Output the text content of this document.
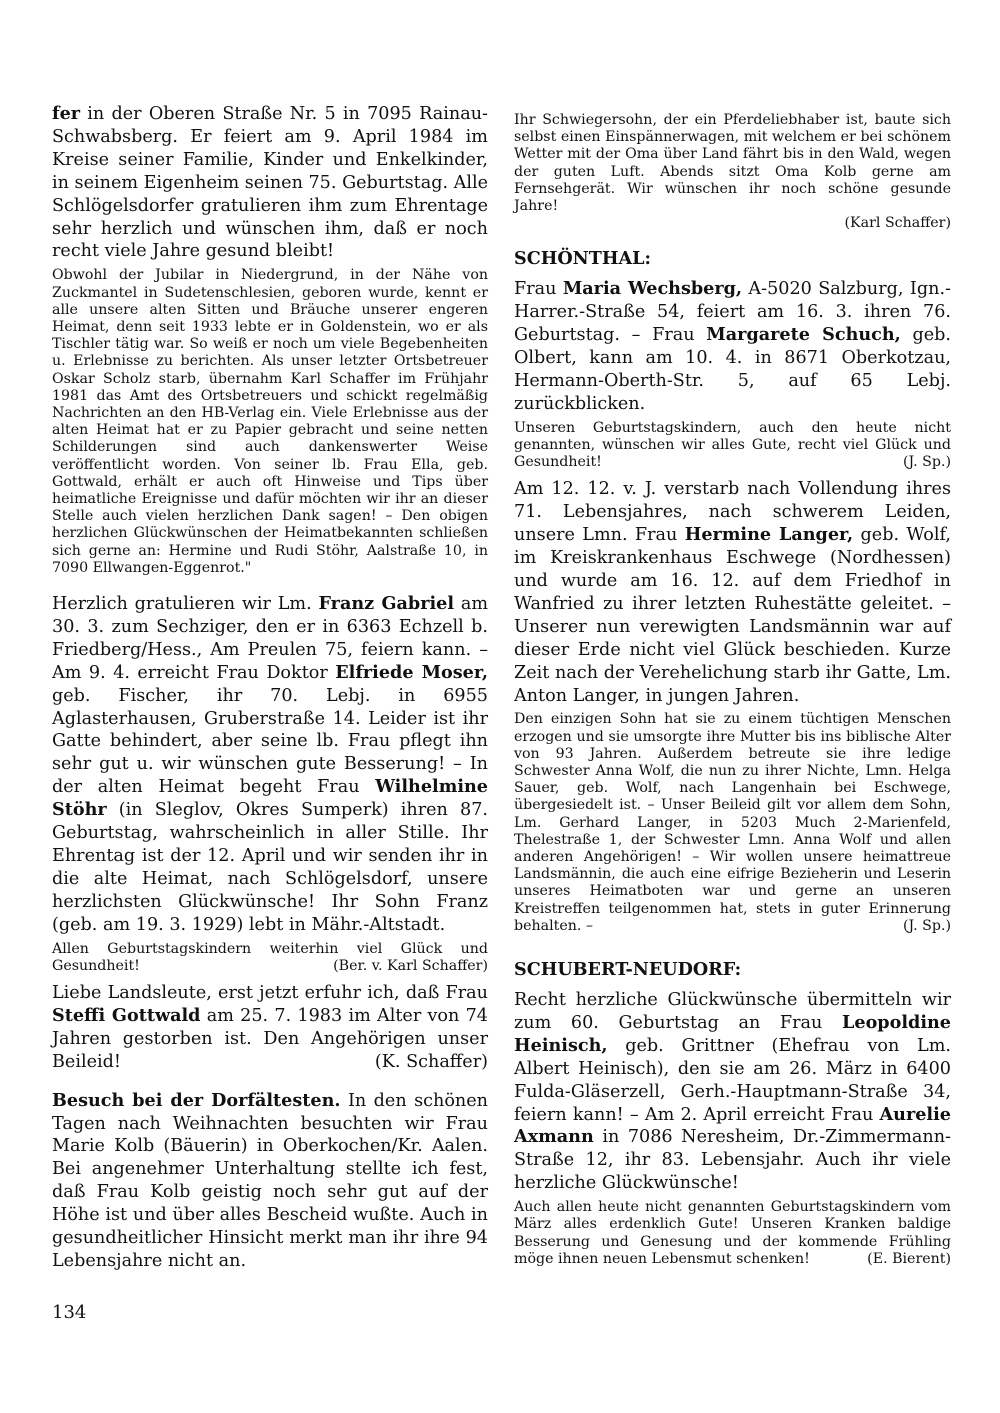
fer in der Oberen Straße Nr. 5 in 7095 Rainau-Schwabsberg. Er feiert am 9. April 1984 im Kreise seiner Familie, Kinder und Enkelkinder, in seinem Eigenheim seinen 75. Geburtstag. Alle Schlögelsdorfer gratulieren ihm zum Ehrentage sehr herzlich und wünschen ihm, daß er noch recht viele Jahre gesund bleibt!

Obwohl der Jubilar in Niedergrund, in der Nähe von Zuckmantel in Sudetenschlesien, geboren wurde, kennt er alle unsere alten Sitten und Bräuche unserer engeren Heimat, denn seit 1933 lebte er in Goldenstein, wo er als Tischler tätig war. So weiß er noch um viele Begebenheiten u. Erlebnisse zu berichten. Als unser letzter Ortsbetreuer Oskar Scholz starb, übernahm Karl Schaffer im Frühjahr 1981 das Amt des Ortsbetreuers und schickt regelmäßig Nachrichten an den HB-Verlag ein. Viele Erlebnisse aus der alten Heimat hat er zu Papier gebracht und seine netten Schilderungen sind auch dankenswerter Weise veröffentlicht worden. Von seiner lb. Frau Ella, geb. Gottwald, erhält er auch oft Hinweise und Tips über heimatliche Ereignisse und dafür möchten wir ihr an dieser Stelle auch vielen herzlichen Dank sagen! – Den obigen herzlichen Glückwünschen der Heimatbekannten schließen sich gerne an: Hermine und Rudi Stöhr, Aalstraße 10, in 7090 Ellwangen-Eggenrot."

Herzlich gratulieren wir Lm. Franz Gabriel am 30. 3. zum Sechziger, den er in 6363 Echzell b. Friedberg/Hess., Am Preulen 75, feiern kann. – Am 9. 4. erreicht Frau Doktor Elfriede Moser, geb. Fischer, ihr 70. Lebj. in 6955 Aglasterhausen, Gruberstraße 14. Leider ist ihr Gatte behindert, aber seine lb. Frau pflegt ihn sehr gut u. wir wünschen gute Besserung! – In der alten Heimat begeht Frau Wilhelmine Stöhr (in Sleglov, Okres Sumperk) ihren 87. Geburtstag, wahrscheinlich in aller Stille. Ihr Ehrentag ist der 12. April und wir senden ihr in die alte Heimat, nach Schlögelsdorf, unsere herzlichsten Glückwünsche! Ihr Sohn Franz (geb. am 19. 3. 1929) lebt in Mähr.-Altstadt.

Allen Geburtstagskindern weiterhin viel Glück und Gesundheit!	(Ber. v. Karl Schaffer)

Liebe Landsleute, erst jetzt erfuhr ich, daß Frau Steffi Gottwald am 25. 7. 1983 im Alter von 74 Jahren gestorben ist. Den Angehörigen unser Beileid!	(K. Schaffer)

Besuch bei der Dorfältesten. In den schönen Tagen nach Weihnachten besuchten wir Frau Marie Kolb (Bäuerin) in Oberkochen/Kr. Aalen. Bei angenehmer Unterhaltung stellte ich fest, daß Frau Kolb geistig noch sehr gut auf der Höhe ist und über alles Bescheid wußte. Auch in gesundheitlicher Hinsicht merkt man ihr ihre 94 Lebensjahre nicht an.

Ihr Schwiegersohn, der ein Pferdeliebhaber ist, baute sich selbst einen Einspännerwagen, mit welchem er bei schönem Wetter mit der Oma über Land fährt bis in den Wald, wegen der guten Luft. Abends sitzt Oma Kolb gerne am Fernsehgerät. Wir wünschen ihr noch schöne gesunde Jahre!

(Karl Schaffer)
SCHÖNTHAL:

Frau Maria Wechsberg, A-5020 Salzburg, Ign.-Harrer.-Straße 54, feiert am 16. 3. ihren 76. Geburtstag. – Frau Margarete Schuch, geb. Olbert, kann am 10. 4. in 8671 Oberkotzau, Hermann-Oberth-Str. 5, auf 65 Lebj. zurückblicken.

Unseren Geburtstagskindern, auch den heute nicht genannten, wünschen wir alles Gute, recht viel Glück und Gesundheit!	(J. Sp.)

Am 12. 12. v. J. verstarb nach Vollendung ihres 71. Lebensjahres, nach schwerem Leiden, unsere Lmn. Frau Hermine Langer, geb. Wolf, im Kreiskrankenhaus Eschwege (Nordhessen) und wurde am 16. 12. auf dem Friedhof in Wanfried zu ihrer letzten Ruhestätte geleitet. – Unserer nun verewigten Landsmännin war auf dieser Erde nicht viel Glück beschieden. Kurze Zeit nach der Verehelichung starb ihr Gatte, Lm. Anton Langer, in jungen Jahren.

Den einzigen Sohn hat sie zu einem tüchtigen Menschen erzogen und sie umsorgte ihre Mutter bis ins biblische Alter von 93 Jahren. Außerdem betreute sie ihre ledige Schwester Anna Wolf, die nun zu ihrer Nichte, Lmn. Helga Sauer, geb. Wolf, nach Langenhain bei Eschwege, übergesiedelt ist. – Unser Beileid gilt vor allem dem Sohn, Lm. Gerhard Langer, in 5203 Much 2-Marienfeld, Thelestraße 1, der Schwester Lmn. Anna Wolf und allen anderen Angehörigen! – Wir wollen unsere heimattreue Landsmännin, die auch eine eifrige Bezieherin und Leserin unseres Heimatboten war und gerne an unseren Kreistreffen teilgenommen hat, stets in guter Erinnerung behalten. –	(J. Sp.)

SCHUBERT-NEUDORF:

Recht herzliche Glückwünsche übermitteln wir zum 60. Geburtstag an Frau Leopoldine Heinisch, geb. Grittner (Ehefrau von Lm. Albert Heinisch), den sie am 26. März in 6400 Fulda-Gläserzell, Gerh.-Hauptmann-Straße 34, feiern kann! – Am 2. April erreicht Frau Aurelie Axmann in 7086 Neresheim, Dr.-Zimmermann-Straße 12, ihr 83. Lebensjahr. Auch ihr viele herzliche Glückwünsche!

Auch allen heute nicht genannten Geburtstagskindern vom März alles erdenklich Gute! Unseren Kranken baldige Besserung und Genesung und der kommende Frühling möge ihnen neuen Lebensmut schenken!	(E. Bierent)

134
